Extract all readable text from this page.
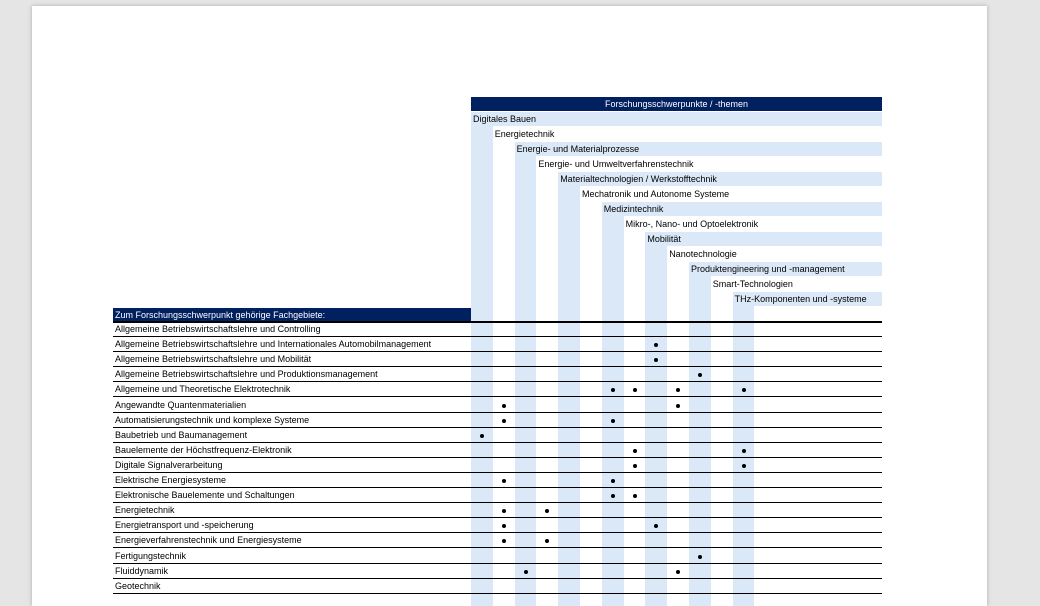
Forschungsschwerpunkte / -themen
Zum Forschungsschwerpunkt gehörige Fachgebiete:
Digitales Bauen
Energietechnik
Energie- und Materialprozesse
Energie- und Umweltverfahrenstechnik
Materialtechnologien / Werkstofftechnik
Mechatronik und Autonome Systeme
Medizintechnik
Mikro-, Nano- und Optoelektronik
Mobilität
Nanotechnologie
Produktengineering und -management
Smart-Technologien
THz-Komponenten und -systeme
Allgemeine Betriebswirtschaftslehre und Controlling
Allgemeine Betriebswirtschaftslehre und Internationales Automobilmanagement
Allgemeine Betriebswirtschaftslehre und Mobilität
Allgemeine Betriebswirtschaftslehre und Produktionsmanagement
Allgemeine und Theoretische Elektrotechnik
Angewandte Quantenmaterialien
Automatisierungstechnik und komplexe Systeme
Baubetrieb und Baumanagement
Bauelemente der Höchstfrequenz-Elektronik
Digitale Signalverarbeitung
Elektrische Energiesysteme
Elektronische Bauelemente und Schaltungen
Energietechnik
Energietransport und -speicherung
Energieverfahrenstechnik und Energiesysteme
Fertigungstechnik
Fluiddynamik
Geotechnik
